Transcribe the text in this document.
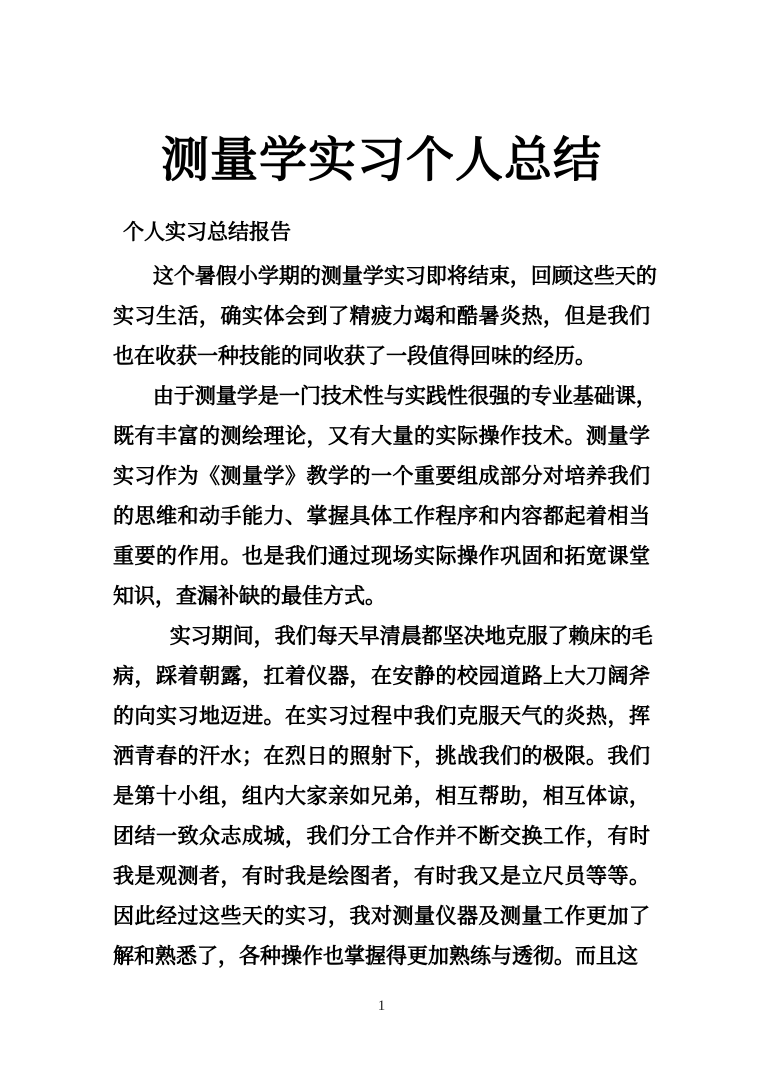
测量学实习个人总结
个人实习总结报告
这个暑假小学期的测量学实习即将结束，回顾这些天的
实习生活，确实体会到了精疲力竭和酷暑炎热，但是我们
也在收获一种技能的同收获了一段值得回味的经历。
由于测量学是一门技术性与实践性很强的专业基础课，
既有丰富的测绘理论，又有大量的实际操作技术。测量学
实习作为《测量学》教学的一个重要组成部分对培养我们
的思维和动手能力、掌握具体工作程序和内容都起着相当
重要的作用。也是我们通过现场实际操作巩固和拓宽课堂
知识，查漏补缺的最佳方式。
实习期间，我们每天早清晨都坚决地克服了赖床的毛
病，踩着朝露，扛着仪器，在安静的校园道路上大刀阔斧
的向实习地迈进。在实习过程中我们克服天气的炎热，挥
洒青春的汗水；在烈日的照射下，挑战我们的极限。我们
是第十小组，组内大家亲如兄弟，相互帮助，相互体谅，
团结一致众志成城，我们分工合作并不断交换工作，有时
我是观测者，有时我是绘图者，有时我又是立尺员等等。
因此经过这些天的实习，我对测量仪器及测量工作更加了
解和熟悉了，各种操作也掌握得更加熟练与透彻。而且这
1
